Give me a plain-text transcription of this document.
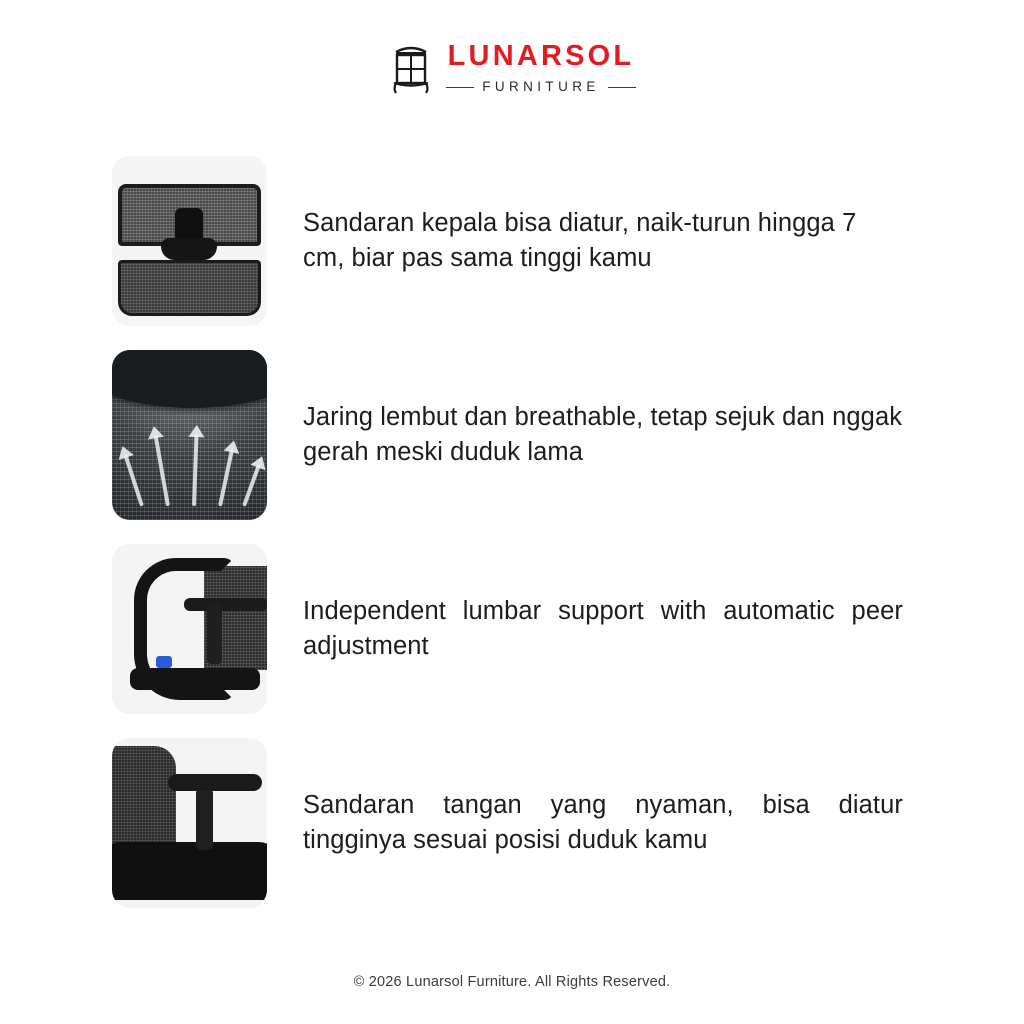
LUNARSOL
FURNITURE
Sandaran kepala bisa diatur, naik-turun hingga 7 cm, biar pas sama tinggi kamu
Jaring lembut dan breathable, tetap sejuk dan nggak gerah meski duduk lama
Independent lumbar support with automatic peer adjustment
Sandaran tangan yang nyaman, bisa diatur tingginya sesuai posisi duduk kamu
© 2026 Lunarsol Furniture. All Rights Reserved.
